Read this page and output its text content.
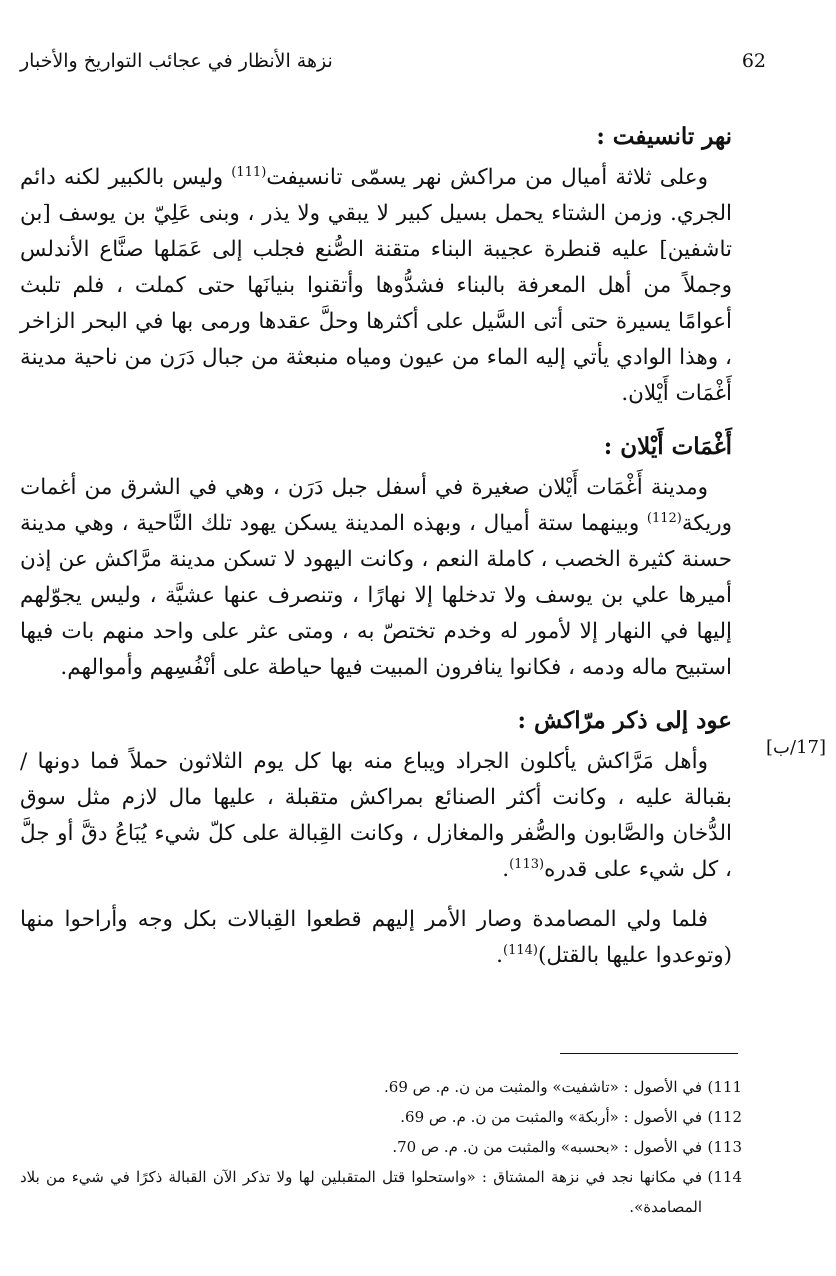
نزهة الأنظار في عجائب التواريخ والأخبار	62
[17/ب]
نهر تانسيفت :

وعلى ثلاثة أميال من مراكش نهر يسمّى تانسيفت$^{(111)}$ وليس بالكبير لكنه دائم الجري. وزمن الشتاء يحمل بسيل كبير لا يبقي ولا يذر ، وبنى عَلِيّ بن يوسف [بن تاشفين] عليه قنطرة عجيبة البناء متقنة الصُّنع فجلب إلى عَمَلها صنَّاع الأندلس وجملاً من أهل المعرفة بالبناء فشدُّوها وأتقنوا بنيانَها حتى كملت ، فلم تلبث أعوامًا يسيرة حتى أتى السَّيل على أكثرها وحلَّ عقدها ورمى بها في البحر الزاخر ، وهذا الوادي يأتي إليه الماء من عيون ومياه منبعثة من جبال دَرَن من ناحية مدينة أَغْمَات أَيْلان.

أَغْمَات أَيْلان :

ومدينة أَغْمَات أَيْلان صغيرة في أسفل جبل دَرَن ، وهي في الشرق من أغمات وريكة$^{(112)}$ وبينهما ستة أميال ، وبهذه المدينة يسكن يهود تلك النَّاحية ، وهي مدينة حسنة كثيرة الخصب ، كاملة النعم ، وكانت اليهود لا تسكن مدينة مرَّاكش عن إذن أميرها علي بن يوسف ولا تدخلها إلا نهارًا ، وتنصرف عنها عشيَّة ، وليس يجوّلهم إليها في النهار إلا لأمور له وخدم تختصّ به ، ومتى عثر على واحد منهم بات فيها استبيح ماله ودمه ، فكانوا ينافرون المبيت فيها حياطة على أنْفُسِهم وأموالهم.

عود إلى ذكر مرّاكش :

وأهل مَرَّاكش يأكلون الجراد ويباع منه بها كل يوم الثلاثون حملاً فما دونها / بقبالة عليه ، وكانت أكثر الصنائع بمراكش متقبلة ، عليها مال لازم مثل سوق الدُّخان والصَّابون والصُّفر والمغازل ، وكانت القِبالة على كلّ شيء يُبَاعُ دقَّ أو جلَّ ، كل شيء على قدره$^{(113)}$.

فلما ولي المصامدة وصار الأمر إليهم قطعوا القِبالات بكل وجه وأراحوا منها (وتوعدوا عليها بالقتل)$^{(114)}$.

111)
في الأصول : «تاشفيت» والمثبت من ن. م. ص 69.
112)
في الأصول : «أربكة» والمثبت من ن. م. ص 69.
113)
في الأصول : «بحسبه» والمثبت من ن. م. ص 70.
114)
في مكانها نجد في نزهة المشتاق : «واستحلوا قتل المتقبلين لها ولا تذكر الآن القبالة ذكرًا في شيء من بلاد المصامدة».
